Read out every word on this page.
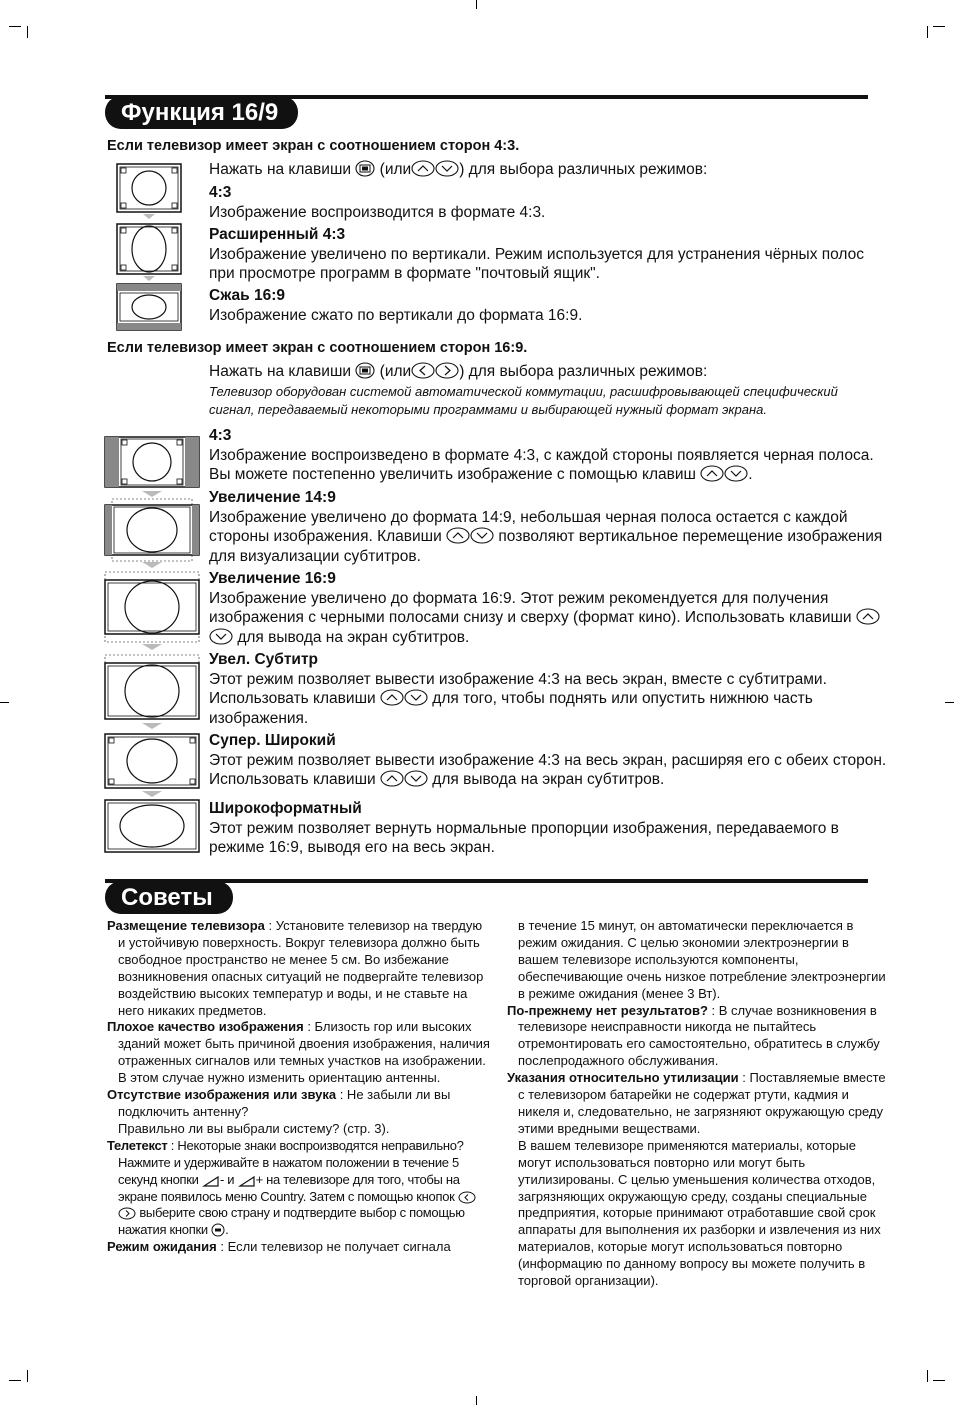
Функция 16/9
Если телевизор имеет экран с соотношением сторон 4:3.
Нажать на клавиши (или	) для выбора различных режимов:
4:3
Изображение воспроизводится в формате 4:3.
Расширенный 4:3
Изображение увеличено по вертикали. Режим используется для устранения чёрных полос при просмотре программ в формате "почтовый ящик".
Сжаь 16:9
Изображение сжато по вертикали до формата 16:9.
Если телевизор имеет экран с соотношением сторон 16:9.
Нажать на клавиши (или	) для выбора различных режимов:
Телевизор оборудован системой автоматической коммутации, расшифровывающей специфический сигнал, передаваемый некоторыми программами и выбирающей нужный формат экрана.
4:3
Изображение воспроизведено в формате 4:3, с каждой стороны появляется черная полоса. Вы можете постепенно увеличить изображение с помощью клавиш	.
Увеличение 14:9
Изображение увеличено до формата 14:9, небольшая черная полоса остается с каждой стороны изображения. Клавиши	позволяют вертикальное перемещение изображения для визуализации субтитров.
Увеличение 16:9
Изображение увеличено до формата 16:9. Этот режим рекомендуется для получения изображения с черными полосами снизу и сверху (формат кино). Использовать клавиши  для вывода на экран субтитров.
Увел. Субтитр
Этот режим позволяет вывести изображение 4:3 на весь экран, вместе с субтитрами. Использовать клавиши	для того, чтобы поднять или опустить нижнюю часть изображения.
Супер. Широкий
Этот режим позволяет вывести изображение 4:3 на весь экран, расширяя его с обеих сторон. Использовать клавиши	для вывода на экран субтитров.
Широкоформатный
Этот режим позволяет вернуть нормальные пропорции изображения, передаваемого в режиме 16:9, выводя его на весь экран.
Советы

Размещение телевизора : Установите телевизор на твердую и устойчивую поверхность. Вокруг телевизора должно быть свободное пространство не менее 5 см. Во избежание возникновения опасных ситуаций не подвергайте телевизор воздействию высоких температур и воды, и не ставьте на него никаких предметов.

Плохое качество изображения : Близость гор или высоких зданий может быть причиной двоения изображения, наличия отраженных сигналов или темных участков на изображении. В этом случае нужно изменить ориентацию антенны.

Отсутствие изображения или звука : Не забыли ли вы подключить антенну?
Правильно ли вы выбрали систему? (стр. 3).

Телетекст : Некоторые знаки воспроизводятся неправильно? Нажмите и удерживайте в нажатом положении в течение 5 секунд кнопки - и + на телевизоре для того, чтобы на экране появилось меню Country. Затем с помощью кнопок  выберите свою страну и подтвердите выбор с помощью нажатия кнопки .

Режим ожидания : Если телевизор не получает сигнала

в течение 15 минут, он автоматически переключается в режим ожидания. С целью экономии электроэнергии в вашем телевизоре используются компоненты, обеспечивающие очень низкое потребление электроэнергии в режиме ожидания (менее 3 Вт).

По-прежнему нет результатов? : В случае возникновения в телевизоре неисправности никогда не пытайтесь отремонтировать его самостоятельно, обратитесь в службу послепродажного обслуживания.

Указания относительно утилизации : Поставляемые вместе с телевизором батарейки не содержат ртути, кадмия и никеля и, следовательно, не загрязняют окружающую среду этими вредными веществами.
В вашем телевизоре применяются материалы, которые могут использоваться повторно или могут быть утилизированы. С целью уменьшения количества отходов, загрязняющих окружающую среду, созданы специальные предприятия, которые принимают отработавшие свой срок аппараты для выполнения их разборки и извлечения из них материалов, которые могут использоваться повторно (информацию по данному вопросу вы можете получить в торговой организации).
